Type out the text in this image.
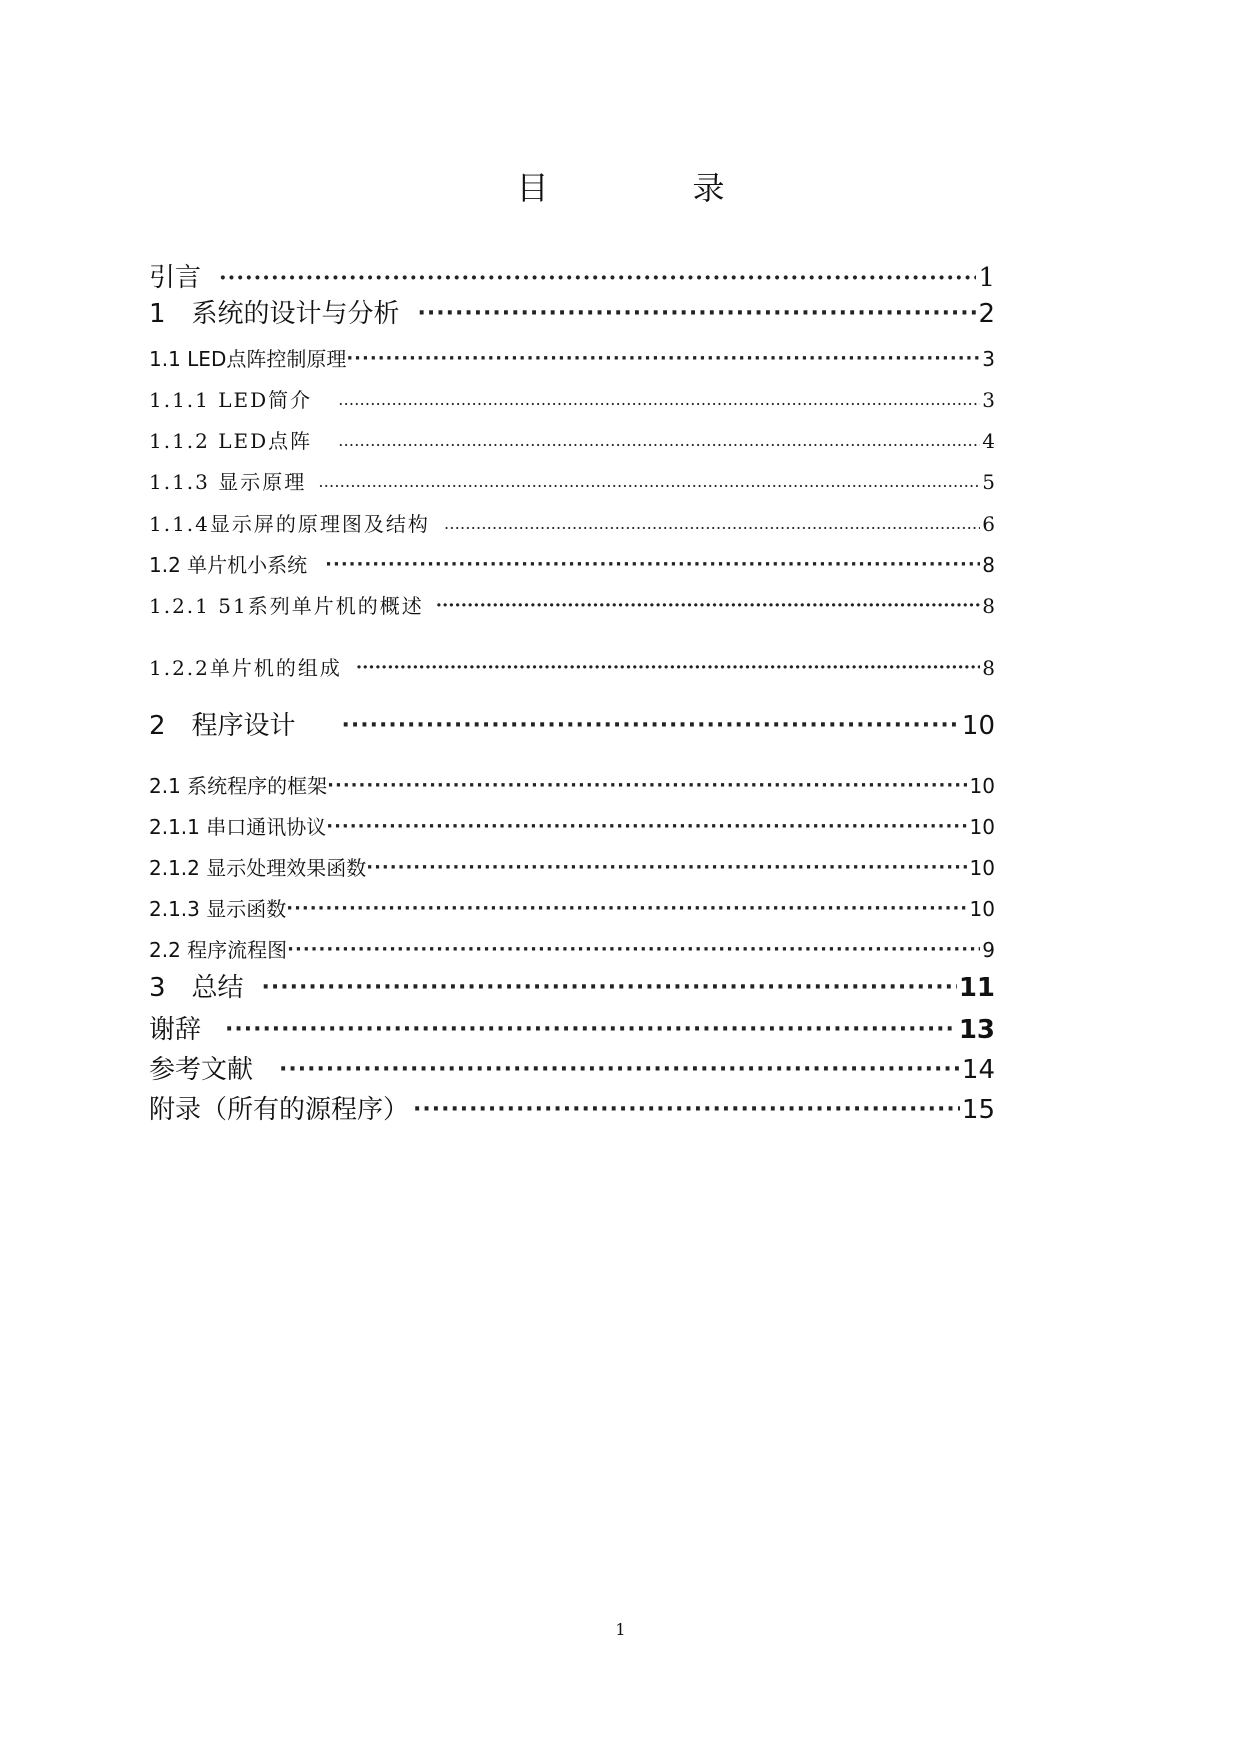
目　录
引言 ·····	1
1　系统的设计与分析 ·····	2
1.1 LED点阵控制原理 ·····	3
1.1.1 LED简介 ………………………………………………………………………………………………………………………………………………………………………………………	3
1.1.2 LED点阵 ………………………………………………………………………………………………………………………………………………………………………………………	4
1.1.3 显示原理 ………………………………………………………………………………………………………………………………………………………………………………………	5
1.1.4显示屏的原理图及结构 ………………………………………………………………………………………………………………………………………………………………………………………	6
1.2 单片机小系统 ·····	8
1.2.1 51系列单片机的概述 ·····	8
1.2.2单片机的组成 ·····	8
2　程序设计 ·····	10
2.1 系统程序的框架 ·····	10
2.1.1 串口通讯协议 ·····	10
2.1.2 显示处理效果函数 ·····	10
2.1.3 显示函数 ·····	10
2.2 程序流程图 ·····	9
3　总结 ·····	11
谢辞 ·····	13
参考文献 ·····	14
附录（所有的源程序） ·····	15
1
